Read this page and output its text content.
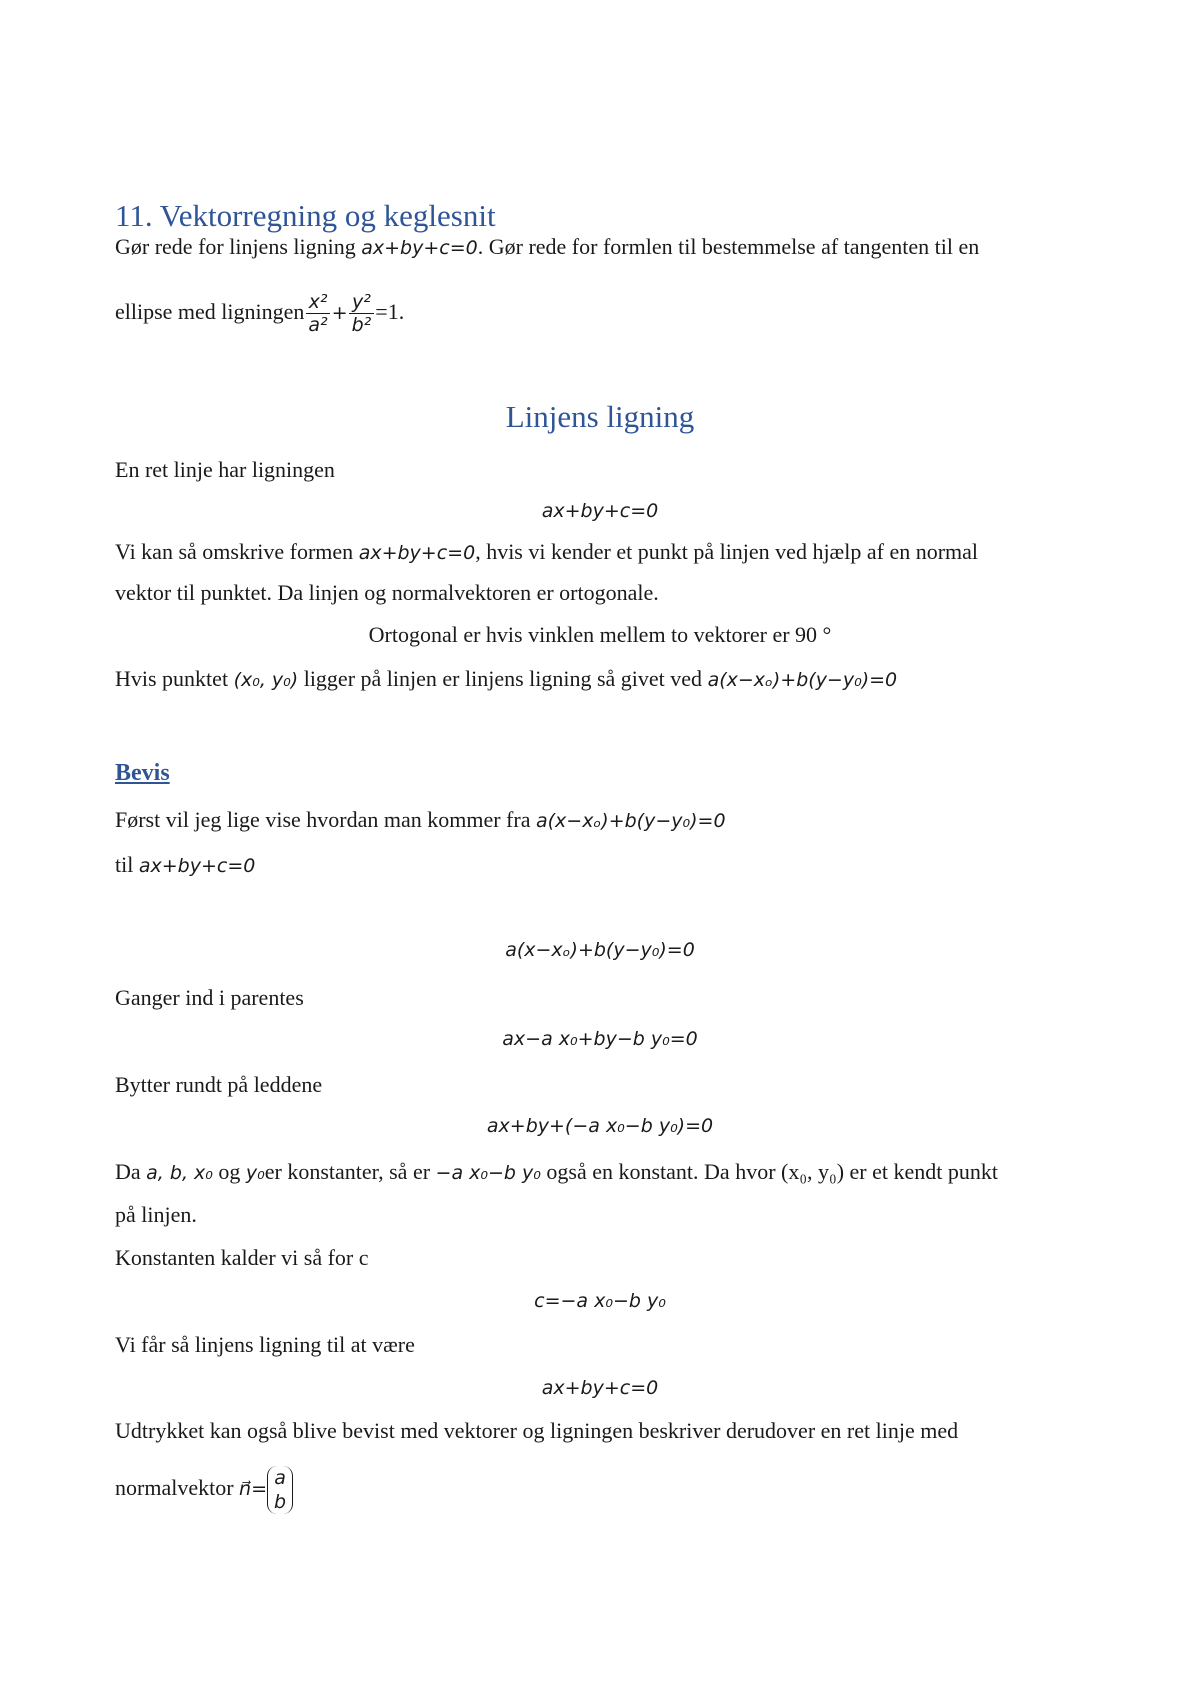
11. Vektorregning og keglesnit
Gør rede for linjens ligning ax+by+c=0. Gør rede for formlen til bestemmelse af tangenten til en
ellipse med ligningen $\frac{\text{x²}}{\text{a²}} + \frac{\text{y²}}{\text{b²}} =1$.
Linjens ligning
En ret linje har ligningen
ax+by+c=0
Vi kan så omskrive formen ax+by+c=0, hvis vi kender et punkt på linjen ved hjælp af en normal
vektor til punktet. Da linjen og normalvektoren er ortogonale.
Ortogonal er hvis vinklen mellem to vektorer er 90 °
Hvis punktet (x₀, y₀) ligger på linjen er linjens ligning så givet ved a(x−xₒ)+b(y−y₀)=0
Bevis
Først vil jeg lige vise hvordan man kommer fra a(x−xₒ)+b(y−y₀)=0
til ax+by+c=0
a(x−xₒ)+b(y−y₀)=0
Ganger ind i parentes
ax−a x₀+by−b y₀=0
Bytter rundt på leddene
ax+by+(−a x₀−b y₀)=0
Da a, b, x₀ og y₀er konstanter, så er −a x₀−b y₀ også en konstant. Da hvor (x₀, y₀) er et kendt punkt
på linjen.
Konstanten kalder vi så for c
c=−a x₀−b y₀
Vi får så linjens ligning til at være
ax+by+c=0
Udtrykket kan også blive bevist med vektorer og ligningen beskriver derudover en ret linje med
normalvektor n⃗=
a
b
